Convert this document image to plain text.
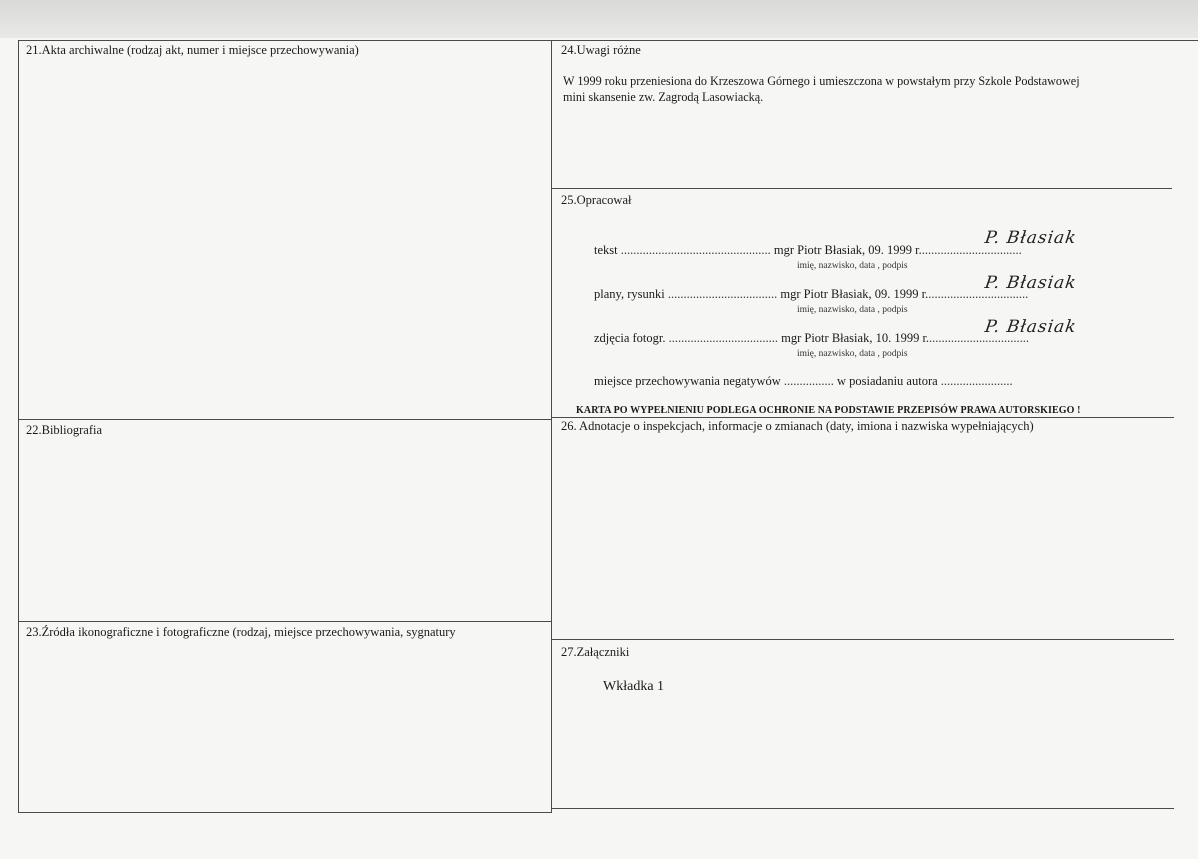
21.Akta archiwalne (rodzaj akt, numer i miejsce przechowywania)	24.Uwagi różne
W 1999 roku przeniesiona do Krzeszowa Górnego i umieszczona w powstałym przy Szkole Podstawowej
mini skansenie zw. Zagrodą Lasowiacką.
25.Opracował
tekst ................................................ mgr Piotr Błasiak, 09. 1999 r.................................
P. Błasiak
imię, nazwisko, data , podpis
plany, rysunki ................................... mgr Piotr Błasiak, 09. 1999 r.................................
P. Błasiak
imię, nazwisko, data , podpis
zdjęcia fotogr. ................................... mgr Piotr Błasiak, 10. 1999 r.................................
P. Błasiak
imię, nazwisko, data , podpis
miejsce przechowywania negatywów ................ w posiadaniu autora .......................
KARTA PO WYPEŁNIENIU PODLEGA OCHRONIE NA PODSTAWIE PRZEPISÓW PRAWA AUTORSKIEGO !
22.Bibliografia	26. Adnotacje o inspekcjach, informacje o zmianach (daty, imiona i nazwiska wypełniających)
23.Źródła ikonograficzne i fotograficzne (rodzaj, miejsce przechowywania, sygnatury
27.Załączniki
Wkładka 1
